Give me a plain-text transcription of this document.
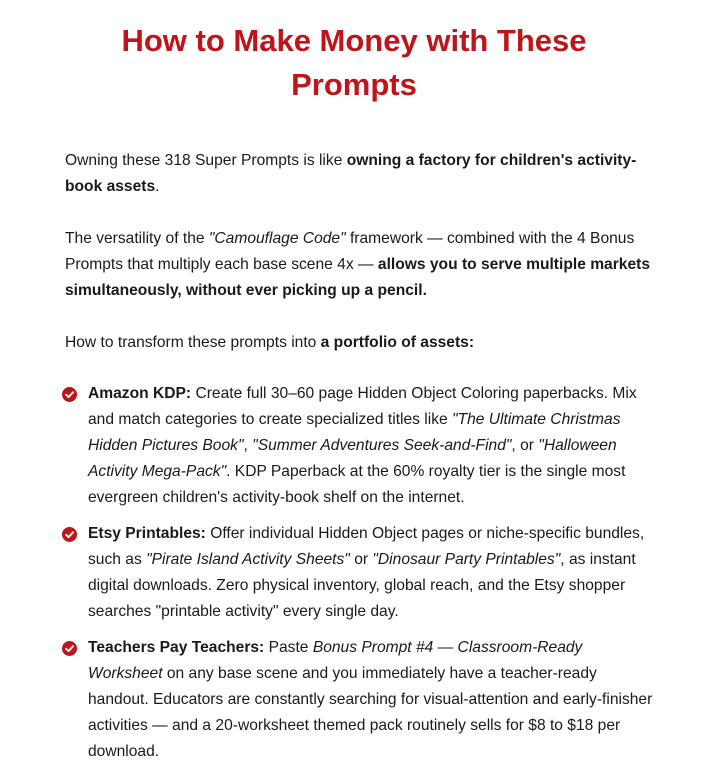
How to Make Money with These
Prompts

Owning these 318 Super Prompts is like owning a factory for children's activity-book assets.

The versatility of the "Camouflage Code" framework — combined with the 4 Bonus Prompts that multiply each base scene 4x — allows you to serve multiple markets simultaneously, without ever picking up a pencil.

How to transform these prompts into a portfolio of assets:

Amazon KDP: Create full 30–60 page Hidden Object Coloring paperbacks. Mix and match categories to create specialized titles like "The Ultimate Christmas Hidden Pictures Book", "Summer Adventures Seek-and-Find", or "Halloween Activity Mega-Pack". KDP Paperback at the 60% royalty tier is the single most evergreen children's activity-book shelf on the internet.
Etsy Printables: Offer individual Hidden Object pages or niche-specific bundles, such as "Pirate Island Activity Sheets" or "Dinosaur Party Printables", as instant digital downloads. Zero physical inventory, global reach, and the Etsy shopper searches "printable activity" every single day.
Teachers Pay Teachers: Paste Bonus Prompt #4 — Classroom-Ready Worksheet on any base scene and you immediately have a teacher-ready handout. Educators are constantly searching for visual-attention and early-finisher activities — and a 20-worksheet themed pack routinely sells for $8 to $18 per download.
